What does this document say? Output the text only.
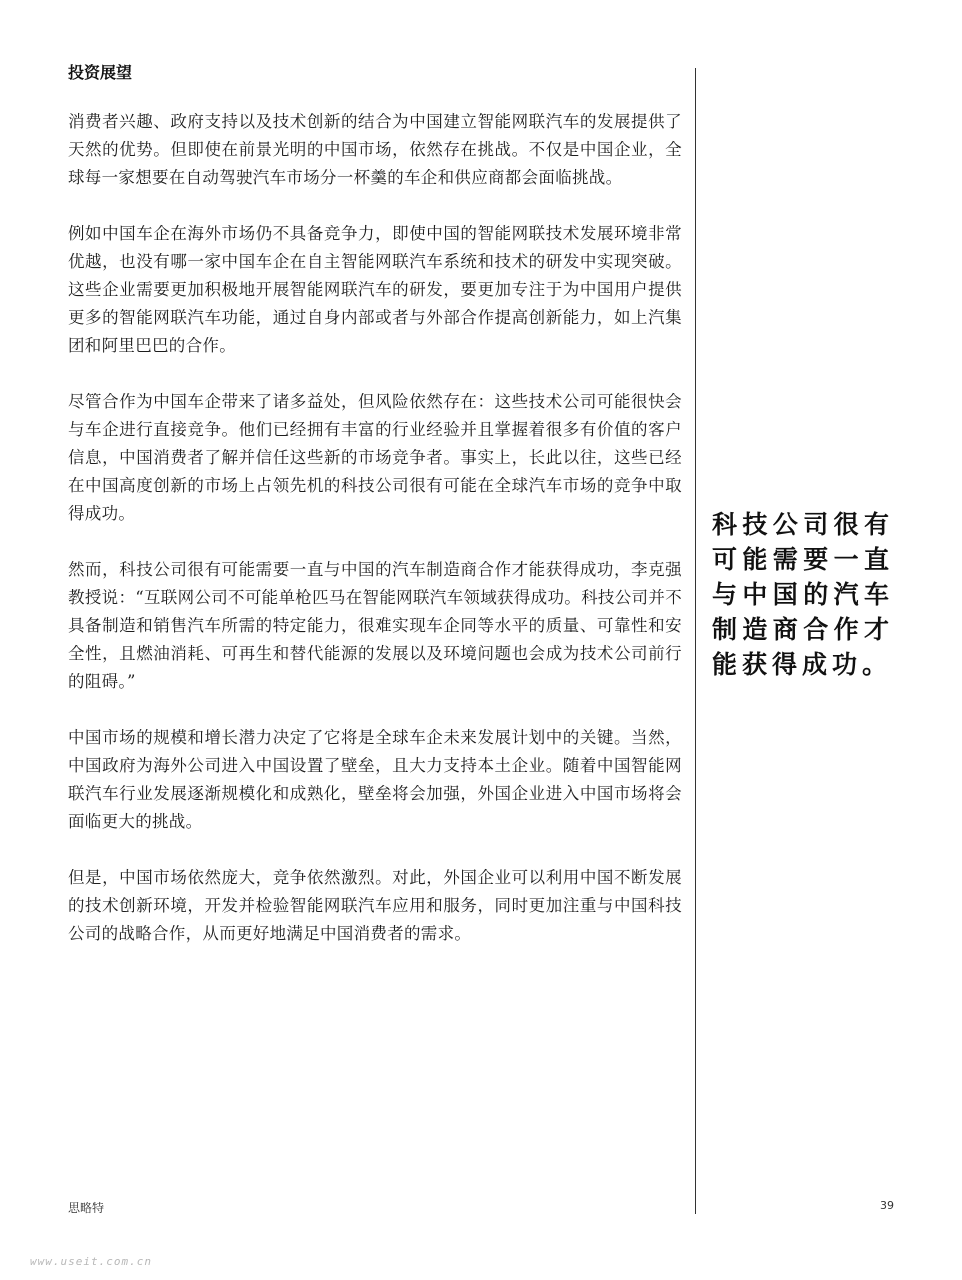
投资展望

消费者兴趣、政府支持以及技术创新的结合为中国建立智能网联汽车的发展提供了天然的优势。但即使在前景光明的中国市场，依然存在挑战。不仅是中国企业，全球每一家想要在自动驾驶汽车市场分一杯羹的车企和供应商都会面临挑战。

例如中国车企在海外市场仍不具备竞争力，即使中国的智能网联技术发展环境非常优越，也没有哪一家中国车企在自主智能网联汽车系统和技术的研发中实现突破。这些企业需要更加积极地开展智能网联汽车的研发，要更加专注于为中国用户提供更多的智能网联汽车功能，通过自身内部或者与外部合作提高创新能力，如上汽集团和阿里巴巴的合作。

尽管合作为中国车企带来了诸多益处，但风险依然存在：这些技术公司可能很快会与车企进行直接竞争。他们已经拥有丰富的行业经验并且掌握着很多有价值的客户信息，中国消费者了解并信任这些新的市场竞争者。事实上，长此以往，这些已经在中国高度创新的市场上占领先机的科技公司很有可能在全球汽车市场的竞争中取得成功。

然而，科技公司很有可能需要一直与中国的汽车制造商合作才能获得成功，李克强教授说：“互联网公司不可能单枪匹马在智能网联汽车领域获得成功。科技公司并不具备制造和销售汽车所需的特定能力，很难实现车企同等水平的质量、可靠性和安全性，且燃油消耗、可再生和替代能源的发展以及环境问题也会成为技术公司前行的阻碍。”

中国市场的规模和增长潜力决定了它将是全球车企未来发展计划中的关键。当然，中国政府为海外公司进入中国设置了壁垒，且大力支持本土企业。随着中国智能网联汽车行业发展逐渐规模化和成熟化，壁垒将会加强，外国企业进入中国市场将会面临更大的挑战。

但是，中国市场依然庞大，竞争依然激烈。对此，外国企业可以利用中国不断发展的技术创新环境，开发并检验智能网联汽车应用和服务，同时更加注重与中国科技公司的战略合作，从而更好地满足中国消费者的需求。

科技公司很有可能需要一直与中国的汽车制造商合作才能获得成功。

思略特	39
www.useit.com.cn
